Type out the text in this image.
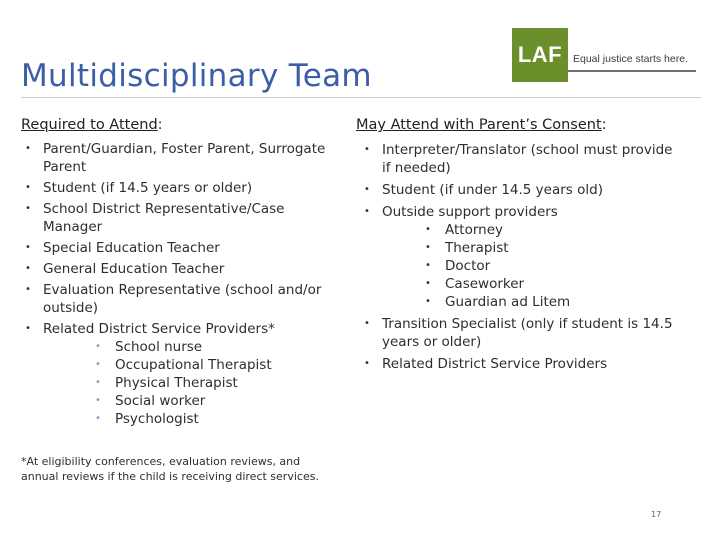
Multidisciplinary Team
LAF	Equal justice starts here.
Required to Attend:	May Attend with Parent’s Consent:
• Parent/Guardian, Foster Parent, Surrogate Parent
• Student (if 14.5 years or older)
• School District Representative/Case Manager
• Special Education Teacher
• General Education Teacher
• Evaluation Representative (school and/or outside)
• Related District Service Providers*
• School nurse
• Occupational Therapist
• Physical Therapist
• Social worker
• Psychologist
• Interpreter/Translator (school must provide if needed)
• Student (if under 14.5 years old)
• Outside support providers
• Attorney
• Therapist
• Doctor
• Caseworker
• Guardian ad Litem
• Transition Specialist (only if student is 14.5 years or older)
• Related District Service Providers
*At eligibility conferences, evaluation reviews, and annual reviews if the child is receiving direct services.
17
